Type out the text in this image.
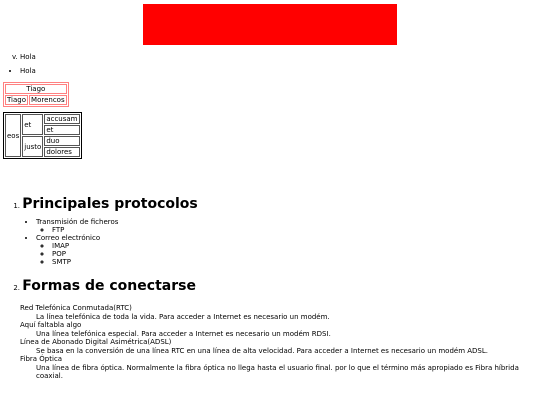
v. Hola
• Hola
Tiago
Tiago	Morencos
eos	et	accusam
		et
	justo	duo
		dolores
1. Principales protocolos
• Transmisión de ficheros
◦ FTP
• Correo electrónico
◦ IMAP
◦ POP
◦ SMTP
2. Formas de conectarse
Red Telefónica Conmutada(RTC)
La línea telefónica de toda la vida. Para acceder a Internet es necesario un modém.
Aquí faltabla algo
Una línea telefónica especial. Para acceder a Internet es necesario un modém RDSI.
Línea de Abonado Digital Asimétrica(ADSL)
Se basa en la conversión de una línea RTC en una línea de alta velocidad. Para acceder a Internet es necesario un modém ADSL.
Fibra Óptica
Una línea de fibra óptica. Normalmente la fibra óptica no llega hasta el usuario final. por lo que el término más apropiado es Fibra híbrida coaxial.
